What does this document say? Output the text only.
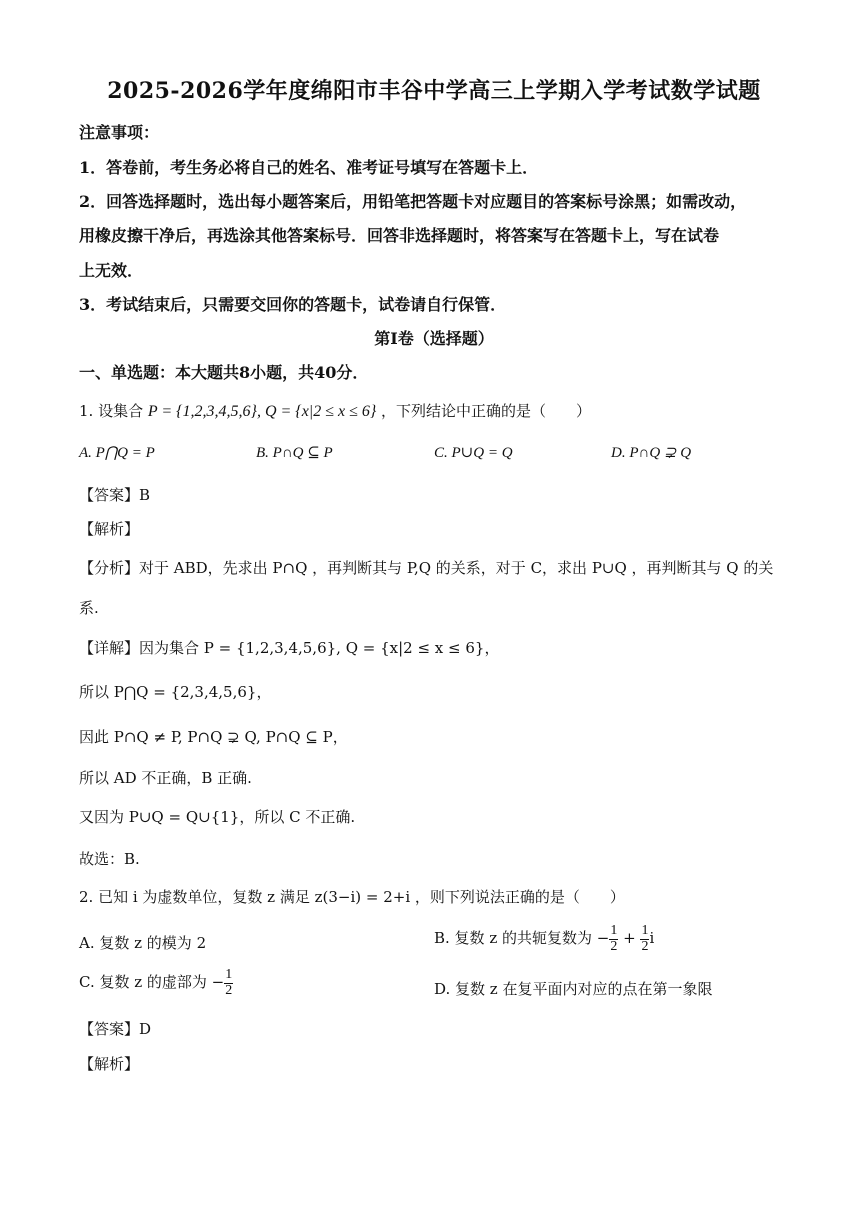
2025-2026学年度绵阳市丰谷中学高三上学期入学考试数学试题
注意事项：
1．答卷前，考生务必将自己的姓名、准考证号填写在答题卡上．
2．回答选择题时，选出每小题答案后，用铅笔把答题卡对应题目的答案标号涂黑；如需改动，
用橡皮擦干净后，再选涂其他答案标号．回答非选择题时，将答案写在答题卡上，写在试卷
上无效．
3．考试结束后，只需要交回你的答题卡，试卷请自行保管．
第I卷（选择题）
一、单选题：本大题共8小题，共40分．
1. 设集合 P = {1,2,3,4,5,6}, Q = {x|2 ≤ x ≤ 6} ，下列结论中正确的是（　　）
A. P⋂Q = P	B. P∩Q ⊆ P	C. P∪Q = Q	D. P∩Q ⊋ Q
【答案】B
【解析】
【分析】对于 ABD，先求出 P∩Q ，再判断其与 P,Q 的关系，对于 C，求出 P∪Q ，再判断其与 Q 的关
系.
【详解】因为集合 P = {1,2,3,4,5,6}, Q = {x|2 ≤ x ≤ 6}，
所以 P⋂Q = {2,3,4,5,6}，
因此 P∩Q ≠ P, P∩Q ⊋ Q, P∩Q ⊆ P，
所以 AD 不正确，B 正确.
又因为 P∪Q = Q∪{1}，所以 C 不正确.
故选：B.
2. 已知 i 为虚数单位，复数 z 满足 z(3−i) = 2+i ，则下列说法正确的是（　　）
A. 复数 z 的模为 2	B. 复数 z 的共轭复数为 − $\frac{1}{2} + \frac{1}{2}$ i
C. 复数 z 的虚部为 − $\frac{1}{2}$	D. 复数 z 在复平面内对应的点在第一象限
【答案】D
【解析】
